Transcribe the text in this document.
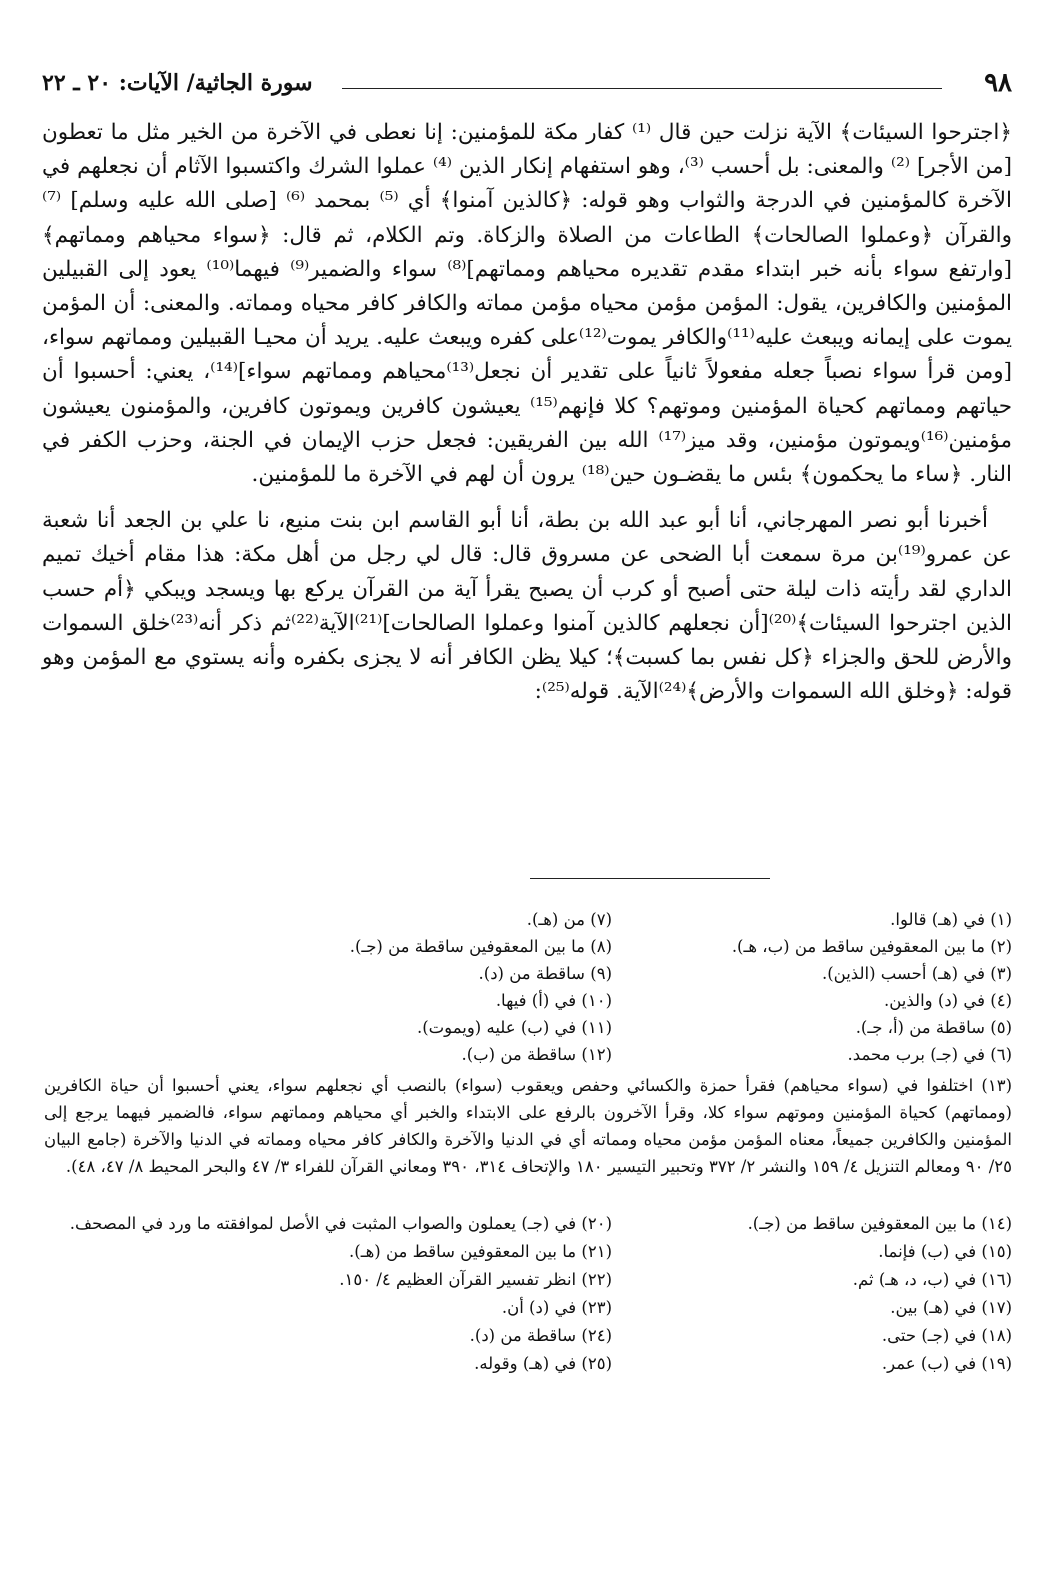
٩٨
سورة الجاثية/ الآيات: ٢٠ ـ ٢٢

﴿اجترحوا السيئات﴾ الآية نزلت حين قال ⁽¹⁾ كفار مكة للمؤمنين: إنا نعطى في الآخرة من الخير مثل ما تعطون [من الأجر] ⁽²⁾ والمعنى: بل أحسب ⁽³⁾، وهو استفهام إنكار الذين ⁽⁴⁾ عملوا الشرك واكتسبوا الآثام أن نجعلهم في الآخرة كالمؤمنين في الدرجة والثواب وهو قوله: ﴿كالذين آمنوا﴾ أي ⁽⁵⁾ بمحمد ⁽⁶⁾ [صلى الله عليه وسلم] ⁽⁷⁾ والقرآن ﴿وعملوا الصالحات﴾ الطاعات من الصلاة والزكاة. وتم الكلام، ثم قال: ﴿سواء محياهم ومماتهم﴾ [وارتفع سواء بأنه خبر ابتداء مقدم تقديره محياهم ومماتهم]⁽⁸⁾ سواء والضمير⁽⁹⁾ فيهما⁽¹⁰⁾ يعود إلى القبيلين المؤمنين والكافرين، يقول: المؤمن مؤمن محياه مؤمن مماته والكافر كافر محياه ومماته. والمعنى: أن المؤمن يموت على إيمانه ويبعث عليه⁽¹¹⁾والكافر يموت⁽¹²⁾على كفره ويبعث عليه. يريد أن محيـا القبيلين ومماتهم سواء، [ومن قرأ سواء نصباً جعله مفعولاً ثانياً على تقدير أن نجعل⁽¹³⁾محياهم ومماتهم سواء]⁽¹⁴⁾، يعني: أحسبوا أن حياتهم ومماتهم كحياة المؤمنين وموتهم؟ كلا فإنهم⁽¹⁵⁾ يعيشون كافرين ويموتون كافرين، والمؤمنون يعيشون مؤمنين⁽¹⁶⁾ويموتون مؤمنين، وقد ميز⁽¹⁷⁾ الله بين الفريقين: فجعل حزب الإيمان في الجنة، وحزب الكفر في النار. ﴿ساء ما يحكمون﴾ بئس ما يقضـون حين⁽¹⁸⁾ يرون أن لهم في الآخرة ما للمؤمنين.

أخبرنا أبو نصر المهرجاني، أنا أبو عبد الله بن بطة، أنا أبو القاسم ابن بنت منيع، نا علي بن الجعد أنا شعبة عن عمرو⁽¹⁹⁾بن مرة سمعت أبا الضحى عن مسروق قال: قال لي رجل من أهل مكة: هذا مقام أخيك تميم الداري لقد رأيته ذات ليلة حتى أصبح أو كرب أن يصبح يقرأ آية من القرآن يركع بها ويسجد ويبكي ﴿أم حسب الذين اجترحوا السيئات﴾⁽²⁰⁾[أن نجعلهم كالذين آمنوا وعملوا الصالحات]⁽²¹⁾الآية⁽²²⁾ثم ذكر أنه⁽²³⁾خلق السموات والأرض للحق والجزاء ﴿كل نفس بما كسبت﴾؛ كيلا يظن الكافر أنه لا يجزى بكفره وأنه يستوي مع المؤمن وهو قوله: ﴿وخلق الله السموات والأرض﴾⁽²⁴⁾الآية. قوله⁽²⁵⁾:

(١) في (هـ) قالوا.
(٢) ما بين المعقوفين ساقط من (ب، هـ).
(٣) في (هـ) أحسب (الذين).
(٤) في (د) والذين.
(٥) ساقطة من (أ، جـ).
(٦) في (جـ) برب محمد.
(٧) من (هـ).
(٨) ما بين المعقوفين ساقطة من (جـ).
(٩) ساقطة من (د).
(١٠) في (أ) فيها.
(١١) في (ب) عليه (ويموت).
(١٢) ساقطة من (ب).
(١٣) اختلفوا في (سواء محياهم) فقرأ حمزة والكسائي وحفص ويعقوب (سواء) بالنصب أي نجعلهم سواء، يعني أحسبوا أن حياة الكافرين (ومماتهم) كحياة المؤمنين وموتهم سواء كلا، وقرأ الآخرون بالرفع على الابتداء والخبر أي محياهم ومماتهم سواء، فالضمير فيهما يرجع إلى المؤمنين والكافرين جميعاً، معناه المؤمن مؤمن محياه ومماته أي في الدنيا والآخرة والكافر كافر محياه ومماته في الدنيا والآخرة (جامع البيان ٢٥/ ٩٠ ومعالم التنزيل ٤/ ١٥٩ والنشر ٢/ ٣٧٢ وتحبير التيسير ١٨٠ والإتحاف ٣١٤، ٣٩٠ ومعاني القرآن للفراء ٣/ ٤٧ والبحر المحيط ٨/ ٤٧، ٤٨).
(١٤) ما بين المعقوفين ساقط من (جـ).
(١٥) في (ب) فإنما.
(١٦) في (ب، د، هـ) ثم.
(١٧) في (هـ) بين.
(١٨) في (جـ) حتى.
(١٩) في (ب) عمر.
(٢٠) في (جـ) يعملون والصواب المثبت في الأصل لموافقته ما ورد في المصحف.
(٢١) ما بين المعقوفين ساقط من (هـ).
(٢٢) انظر تفسير القرآن العظيم ٤/ ١٥٠.
(٢٣) في (د) أن.
(٢٤) ساقطة من (د).
(٢٥) في (هـ) وقوله.
